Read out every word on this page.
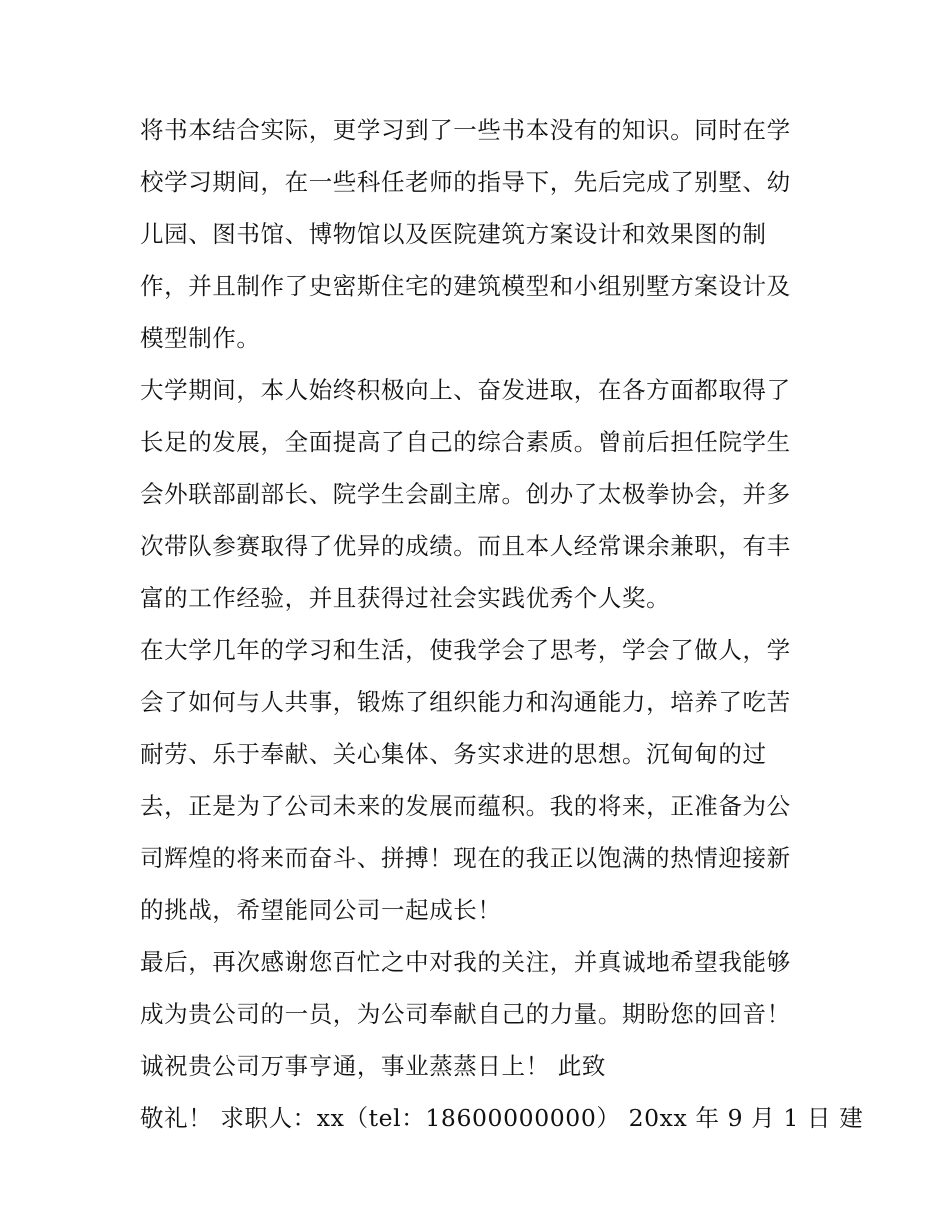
将书本结合实际，更学习到了一些书本没有的知识。同时在学
校学习期间，在一些科任老师的指导下，先后完成了别墅、幼
儿园、图书馆、博物馆以及医院建筑方案设计和效果图的制
作，并且制作了史密斯住宅的建筑模型和小组别墅方案设计及
模型制作。
大学期间，本人始终积极向上、奋发进取，在各方面都取得了
长足的发展，全面提高了自己的综合素质。曾前后担任院学生
会外联部副部长、院学生会副主席。创办了太极拳协会，并多
次带队参赛取得了优异的成绩。而且本人经常课余兼职，有丰
富的工作经验，并且获得过社会实践优秀个人奖。
在大学几年的学习和生活，使我学会了思考，学会了做人，学
会了如何与人共事，锻炼了组织能力和沟通能力，培养了吃苦
耐劳、乐于奉献、关心集体、务实求进的思想。沉甸甸的过
去，正是为了公司未来的发展而蕴积。我的将来，正准备为公
司辉煌的将来而奋斗、拼搏！现在的我正以饱满的热情迎接新
的挑战，希望能同公司一起成长！
最后，再次感谢您百忙之中对我的关注，并真诚地希望我能够
成为贵公司的一员，为公司奉献自己的力量。期盼您的回音！
诚祝贵公司万事亨通，事业蒸蒸日上！ 此致
敬礼！ 求职人：xx（tel：18600000000） 20xx 年 9 月 1 日 建
